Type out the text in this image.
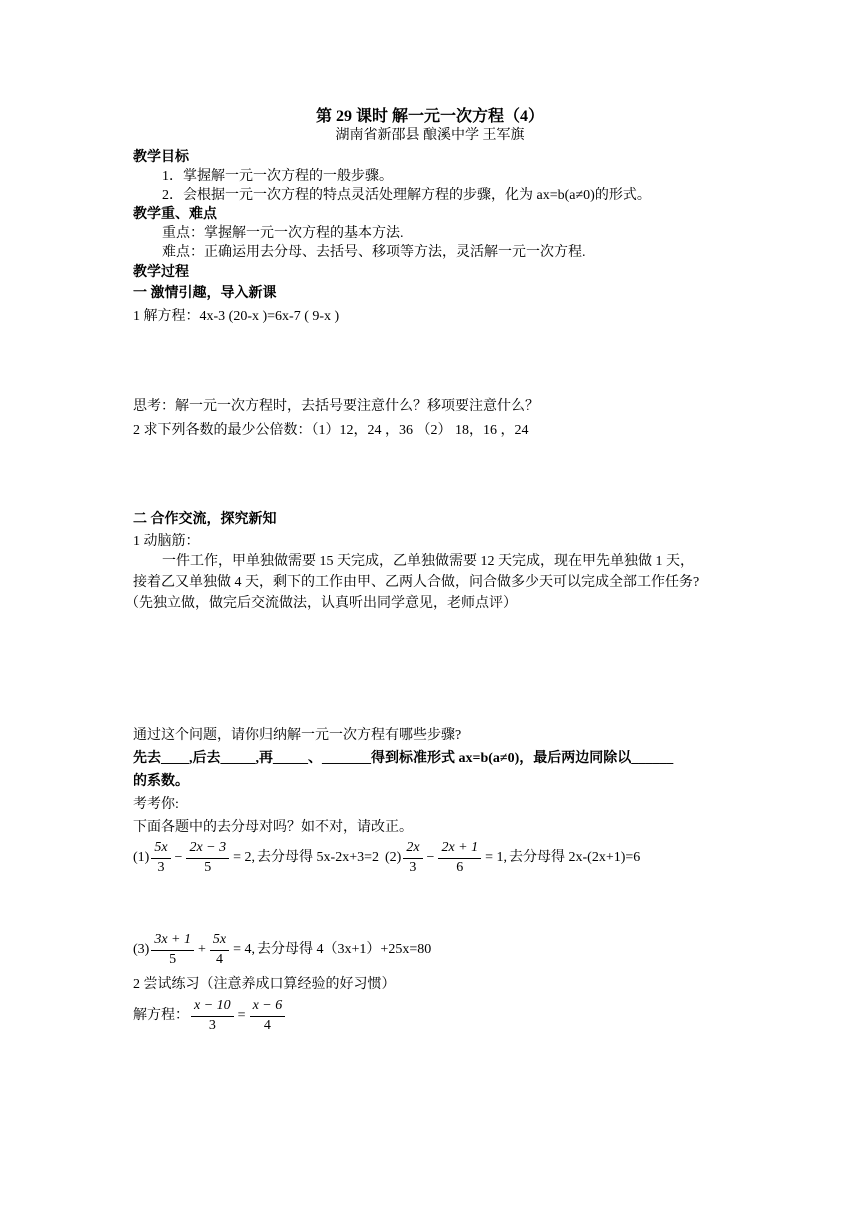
第 29 课时 解一元一次方程（4）
湖南省新邵县 酿溪中学 王军旗
教学目标
1．掌握解一元一次方程的一般步骤。
2．会根据一元一次方程的特点灵活处理解方程的步骤，化为 ax=b(a≠0)的形式。
教学重、难点
重点：掌握解一元一次方程的基本方法.
难点：正确运用去分母、去括号、移项等方法，灵活解一元一次方程.
教学过程
一 激情引趣，导入新课
1 解方程：4x-3 (20-x )=6x-7 ( 9-x )
思考：解一元一次方程时，去括号要注意什么？移项要注意什么？
2 求下列各数的最少公倍数：（1）12，24 ，36 （2） 18，16 ，24
二 合作交流，探究新知
1 动脑筋：
一件工作，甲单独做需要 15 天完成，乙单独做需要 12 天完成，现在甲先单独做 1 天，
接着乙又单独做 4 天，剩下的工作由甲、乙两人合做，问合做多少天可以完成全部工作任务?
（先独立做，做完后交流做法，认真听出同学意见，老师点评）
通过这个问题，请你归纳解一元一次方程有哪些步骤?
先去____,后去_____,再_____、_______得到标准形式 ax=b(a≠0)，最后两边同除以______
的系数。
考考你:
下面各题中的去分母对吗？如不对，请改正。
$(1) \frac{5x}{3} - \frac{2x - 3}{5} = 2$, 去分母得 5x-2x+3=2 $(2) \frac{2x}{3} - \frac{2x + 1}{6} = 1$, 去分母得 2x-(2x+1)=6
$(3) \frac{3x + 1}{5} + \frac{5x}{4} = 4$, 去分母得 4（3x+1）+25x=80
2 尝试练习（注意养成口算经验的好习惯）
解方程： $\frac{x - 10}{3} = \frac{x - 6}{4}$
